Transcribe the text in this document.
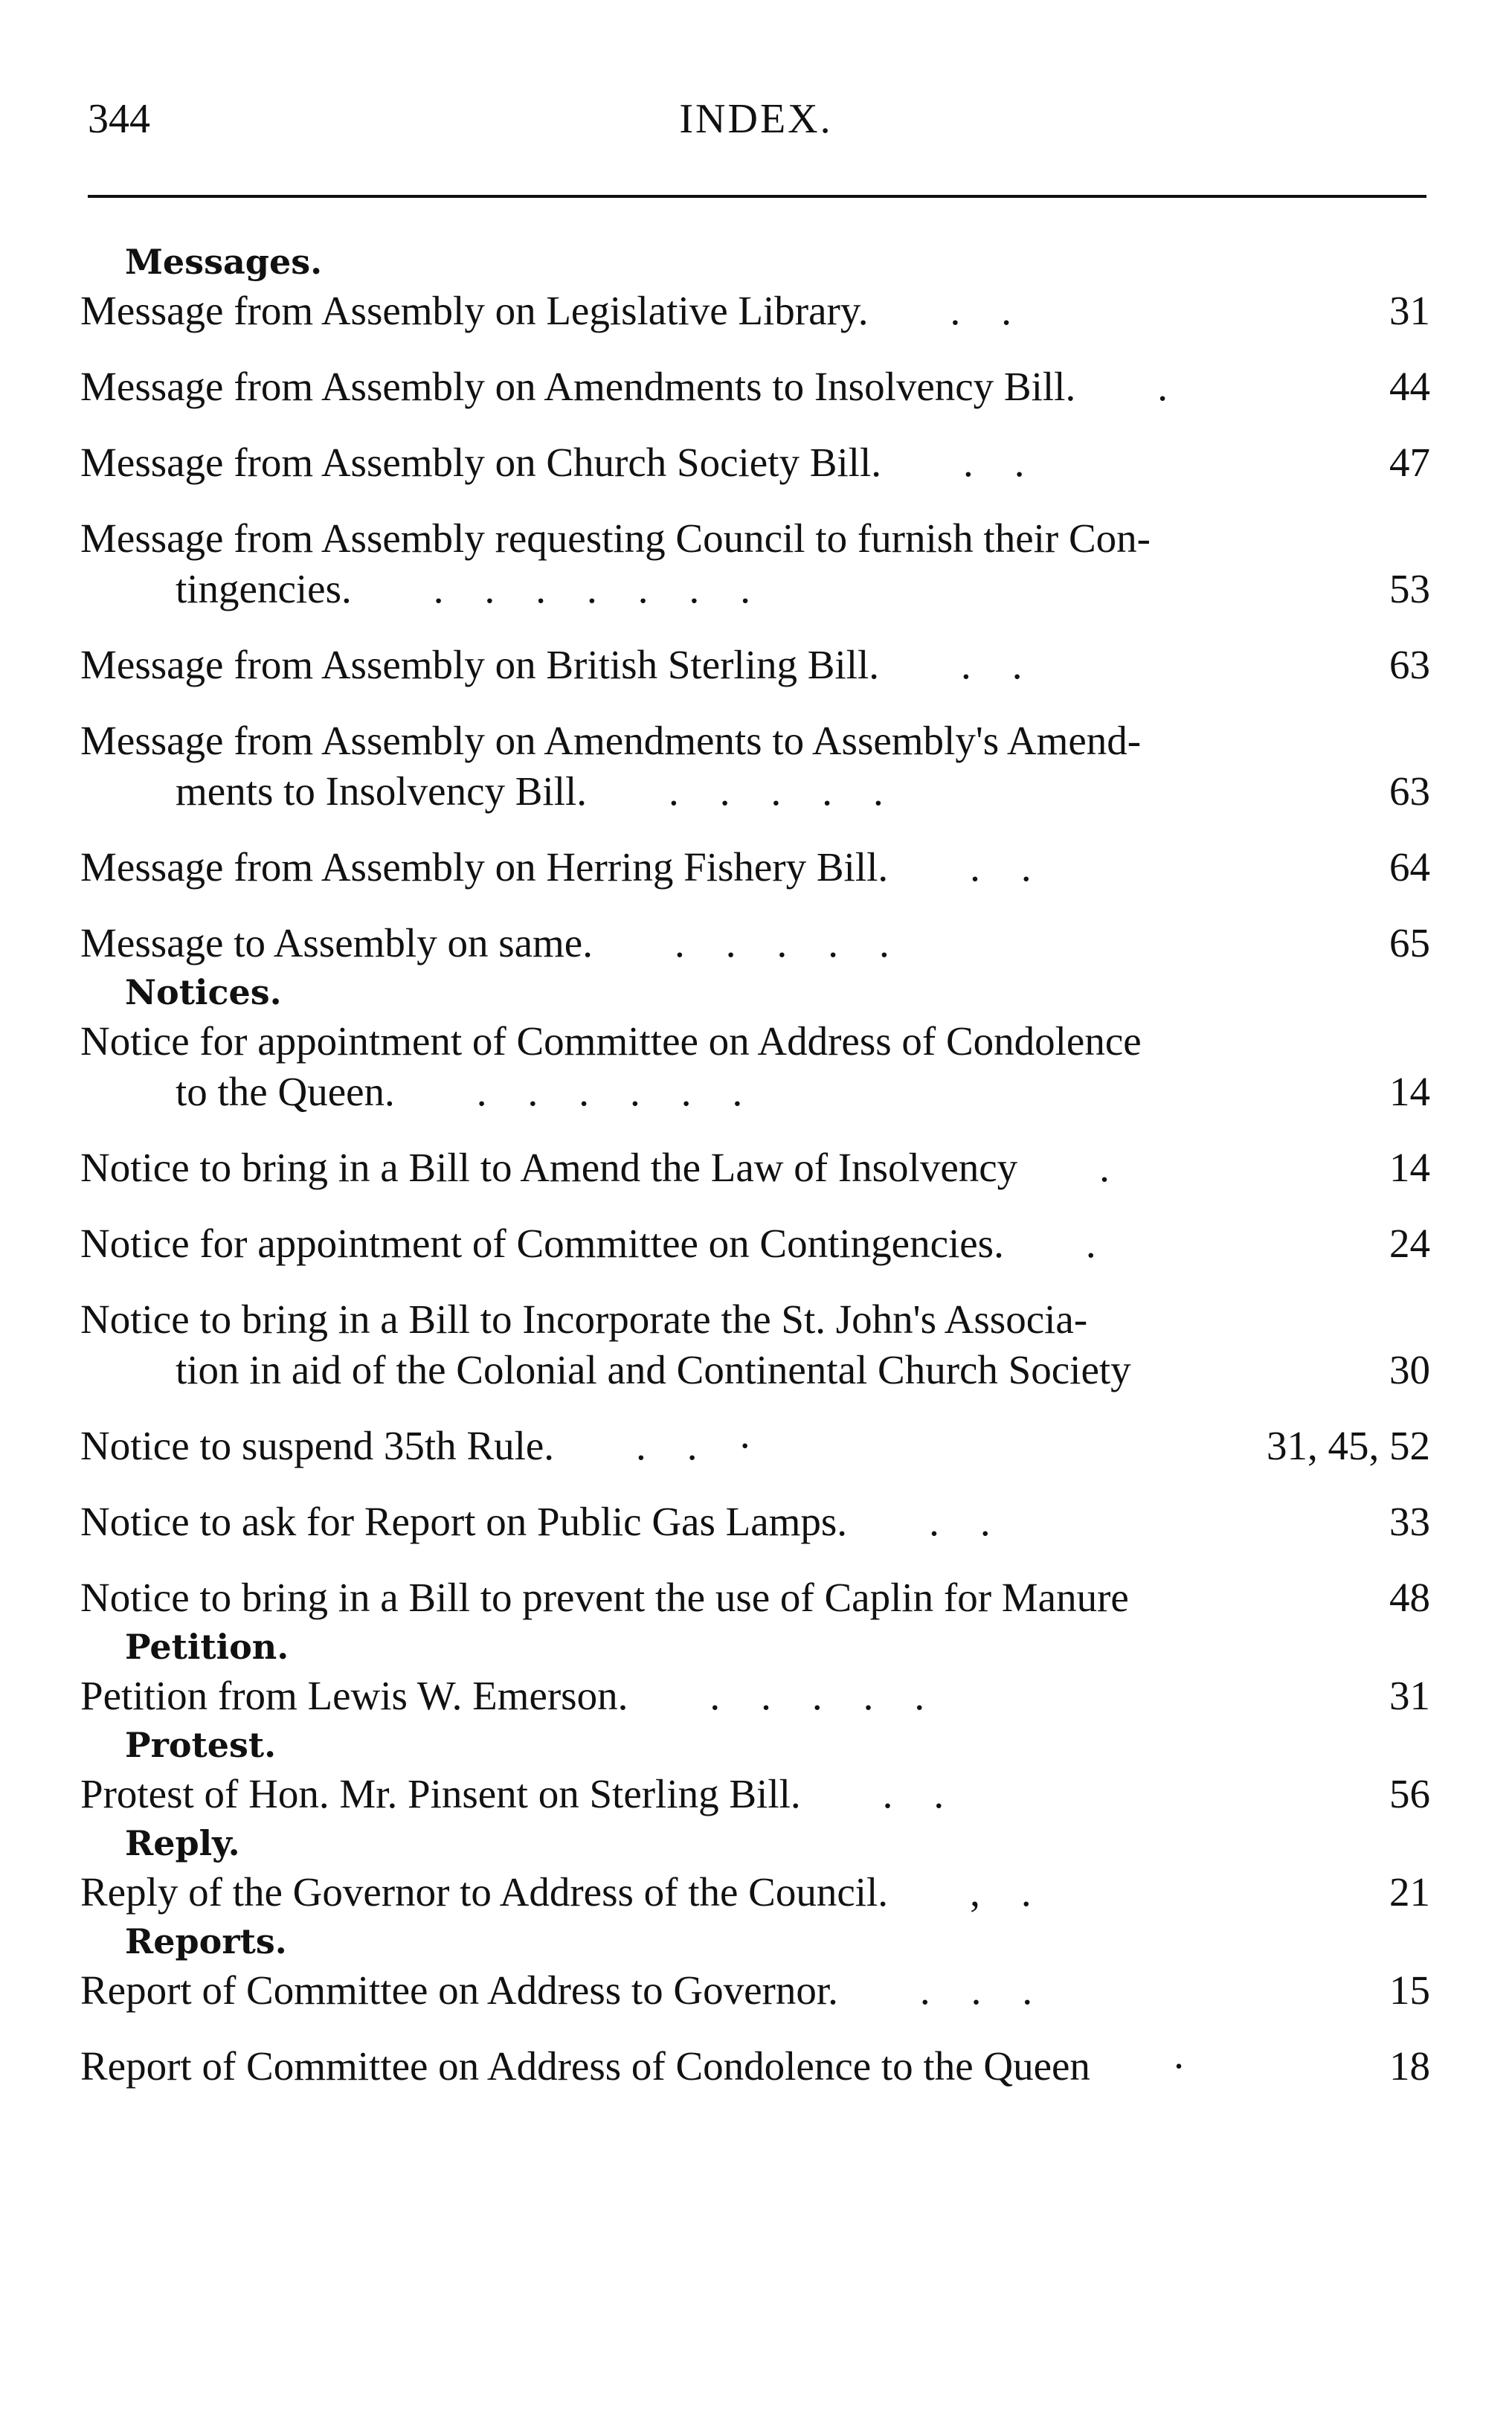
344	INDEX.
Messages.
Message from Assembly on Legislative Library.   .    .	31
Message from Assembly on Amendments to Insolvency Bill.   .	44
Message from Assembly on Church Society Bill.   .    .	47
Message from Assembly requesting Council to furnish their Con-
tingencies.   .    .    .    .    .    .    .	53
Message from Assembly on British Sterling Bill.   .    .	63
Message from Assembly on Amendments to Assembly's Amend-
ments to Insolvency Bill.   .    .    .    .    .	63
Message from Assembly on Herring Fishery Bill.   .    .	64
Message to Assembly on same.   .    .    .    .    .	65
Notices.
Notice for appointment of Committee on Address of Condolence
to the Queen.   .    .    .    .    .    .	14
Notice to bring in a Bill to Amend the Law of Insolvency   .	14
Notice for appointment of Committee on Contingencies.   .	24
Notice to bring in a Bill to Incorporate the St. John's Associa-
tion in aid of the Colonial and Continental Church Society	30
Notice to suspend 35th Rule.   .    .    ·	31, 45, 52
Notice to ask for Report on Public Gas Lamps.   .    .	33
Notice to bring in a Bill to prevent the use of Caplin for Manure	48
Petition.
Petition from Lewis W. Emerson.   .    .    .    .    .	31
Protest.
Protest of Hon. Mr. Pinsent on Sterling Bill.   .    .	56
Reply.
Reply of the Governor to Address of the Council.   ,    .	21
Reports.
Report of Committee on Address to Governor.   .    .    .	15
Report of Committee on Address of Condolence to the Queen   ·	18
